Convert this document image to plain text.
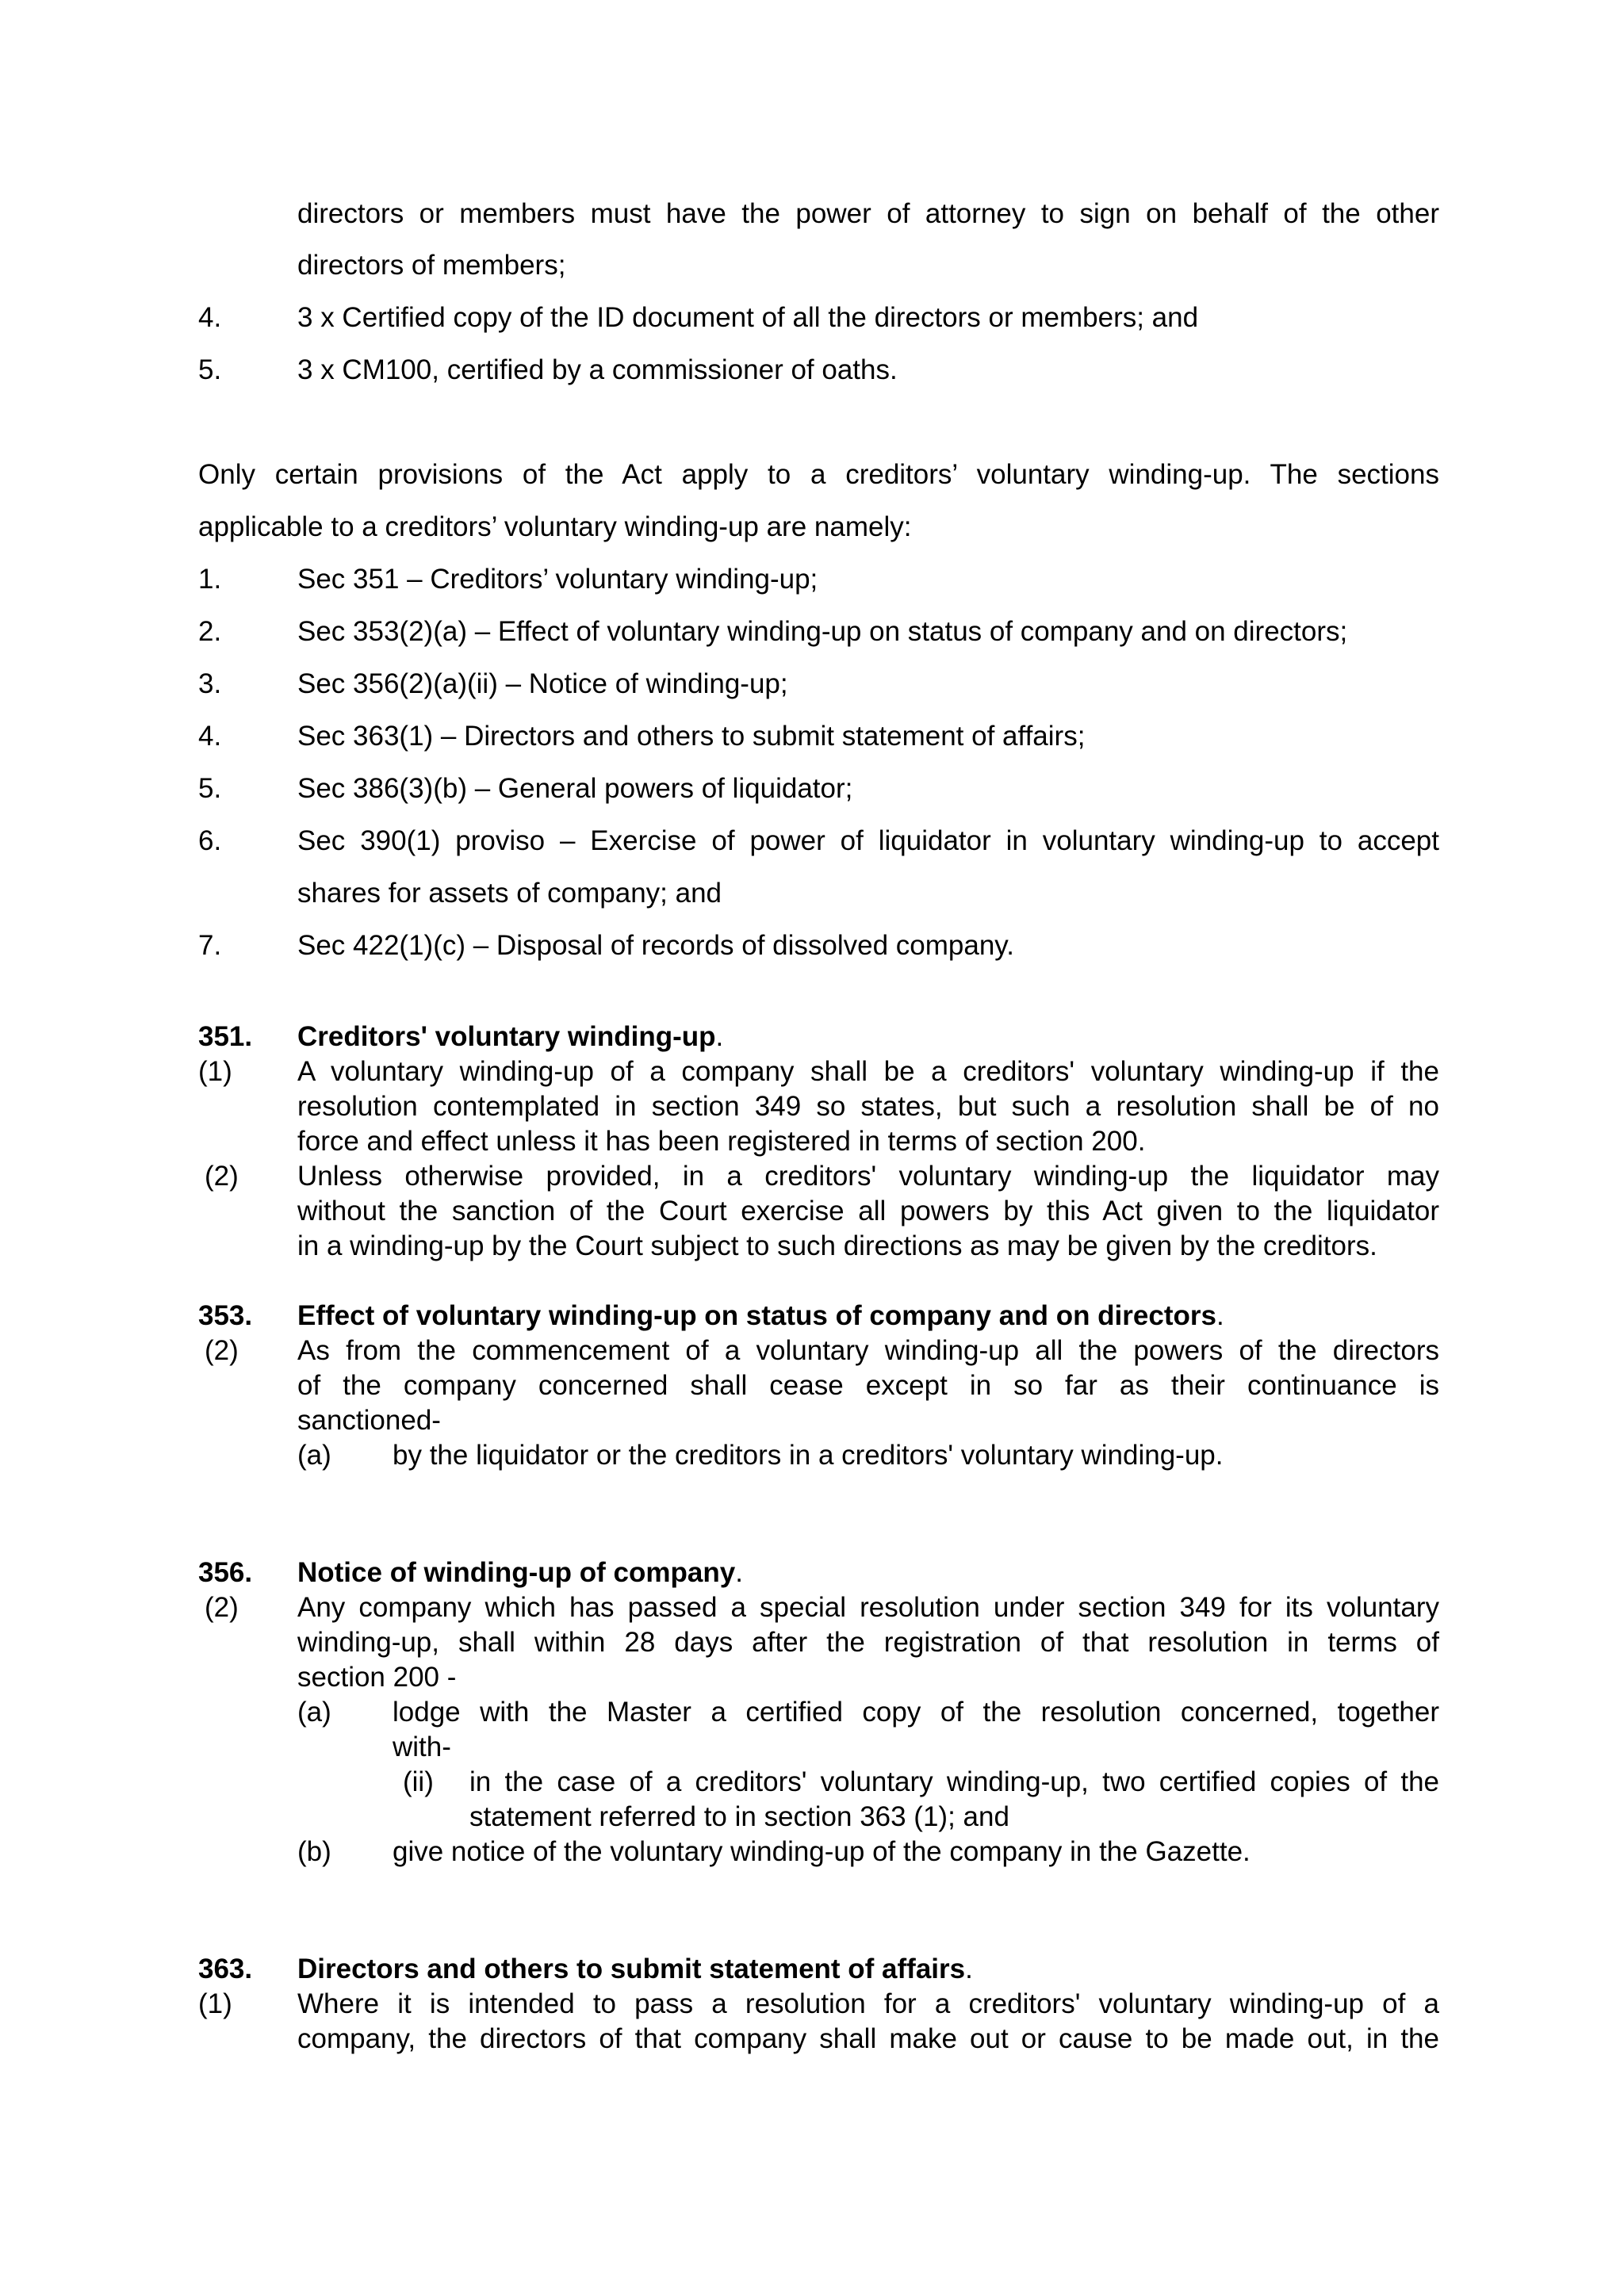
directors or members must have the power of attorney to sign on behalf of the other
directors of members;
4.	3 x Certified copy of the ID document of all the directors or members; and
5.	3 x CM100, certified by a commissioner of oaths.
Only certain provisions of the Act apply to a creditors’ voluntary winding-up. The sections
applicable to a creditors’ voluntary winding-up are namely:
1.	Sec 351 – Creditors’ voluntary winding-up;
2.	Sec 353(2)(a) – Effect of voluntary winding-up on status of company and on directors;
3.	Sec 356(2)(a)(ii) – Notice of winding-up;
4.	Sec 363(1) – Directors and others to submit statement of affairs;
5.	Sec 386(3)(b) – General powers of liquidator;
6.	Sec 390(1) proviso – Exercise of power of liquidator in voluntary winding-up to accept
shares for assets of company; and
7.	Sec 422(1)(c) – Disposal of records of dissolved company.
351. Creditors' voluntary winding-up.
(1) A voluntary winding-up of a company shall be a creditors' voluntary winding-up if the
resolution contemplated in section 349 so states, but such a resolution shall be of no
force and effect unless it has been registered in terms of section 200.
(2) Unless otherwise provided, in a creditors' voluntary winding-up the liquidator may
without the sanction of the Court exercise all powers by this Act given to the liquidator
in a winding-up by the Court subject to such directions as may be given by the creditors.
353. Effect of voluntary winding-up on status of company and on directors.
(2) As from the commencement of a voluntary winding-up all the powers of the directors
of the company concerned shall cease except in so far as their continuance is
sanctioned-
(a) by the liquidator or the creditors in a creditors' voluntary winding-up.
356. Notice of winding-up of company.
(2) Any company which has passed a special resolution under section 349 for its voluntary
winding-up, shall within 28 days after the registration of that resolution in terms of
section 200 -
(a) lodge with the Master a certified copy of the resolution concerned, together
with-
(ii) in the case of a creditors' voluntary winding-up, two certified copies of the
statement referred to in section 363 (1); and
(b) give notice of the voluntary winding-up of the company in the Gazette.
363. Directors and others to submit statement of affairs.
(1) Where it is intended to pass a resolution for a creditors' voluntary winding-up of a
company, the directors of that company shall make out or cause to be made out, in the
